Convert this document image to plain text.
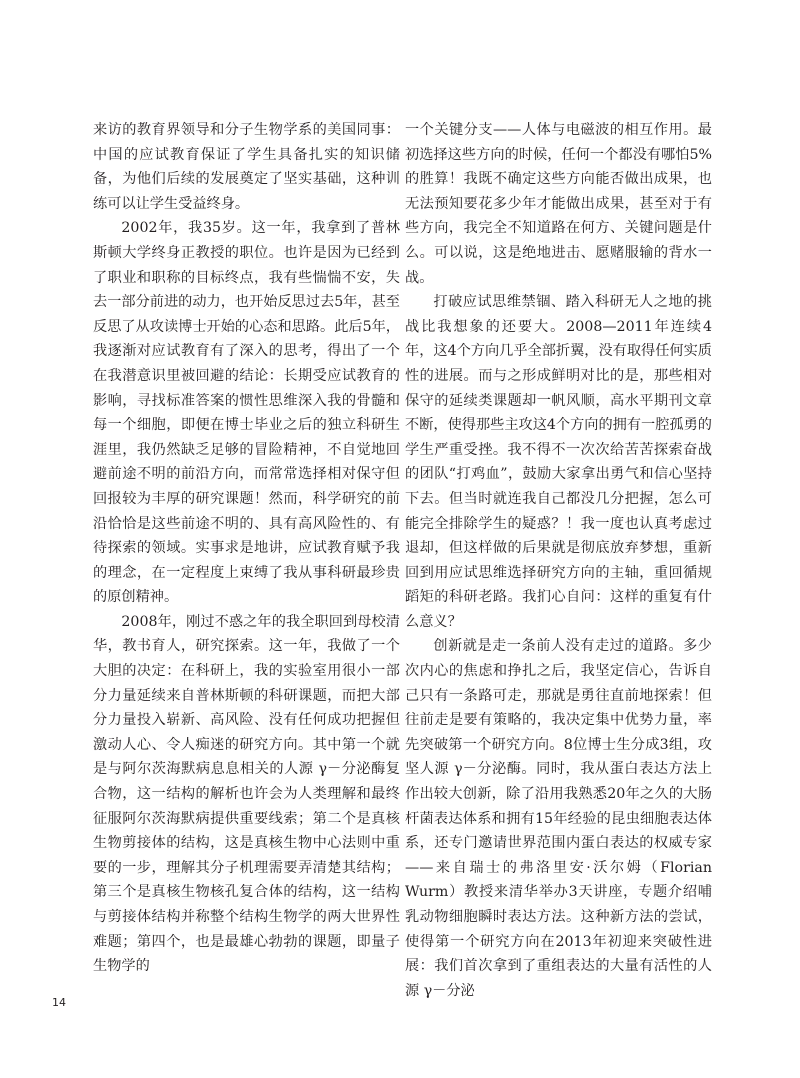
来访的教育界领导和分子生物学系的美国同事：中国的应试教育保证了学生具备扎实的知识储备，为他们后续的发展奠定了坚实基础，这种训练可以让学生受益终身。

2002年，我35岁。这一年，我拿到了普林斯顿大学终身正教授的职位。也许是因为已经到了职业和职称的目标终点，我有些惴惴不安，失去一部分前进的动力，也开始反思过去5年，甚至反思了从攻读博士开始的心态和思路。此后5年，我逐渐对应试教育有了深入的思考，得出了一个在我潜意识里被回避的结论：长期受应试教育的影响，寻找标准答案的惯性思维深入我的骨髓和每一个细胞，即便在博士毕业之后的独立科研生涯里，我仍然缺乏足够的冒险精神，不自觉地回避前途不明的前沿方向，而常常选择相对保守但回报较为丰厚的研究课题！然而，科学研究的前沿恰恰是这些前途不明的、具有高风险性的、有待探索的领域。实事求是地讲，应试教育赋予我的理念，在一定程度上束缚了我从事科研最珍贵的原创精神。

2008年，刚过不惑之年的我全职回到母校清华，教书育人，研究探索。这一年，我做了一个大胆的决定：在科研上，我的实验室用很小一部分力量延续来自普林斯顿的科研课题，而把大部分力量投入崭新、高风险、没有任何成功把握但激动人心、令人痴迷的研究方向。其中第一个就是与阿尔茨海默病息息相关的人源 γ－分泌酶复合物，这一结构的解析也许会为人类理解和最终征服阿尔茨海默病提供重要线索；第二个是真核生物剪接体的结构，这是真核生物中心法则中重要的一步，理解其分子机理需要弄清楚其结构；第三个是真核生物核孔复合体的结构，这一结构与剪接体结构并称整个结构生物学的两大世界性难题；第四个，也是最雄心勃勃的课题，即量子生物学的

一个关键分支——人体与电磁波的相互作用。最初选择这些方向的时候，任何一个都没有哪怕5%的胜算！我既不确定这些方向能否做出成果，也无法预知要花多少年才能做出成果，甚至对于有些方向，我完全不知道路在何方、关键问题是什么。可以说，这是绝地进击、愿赌服输的背水一战。

打破应试思维禁锢、踏入科研无人之地的挑战比我想象的还要大。2008—2011年连续4年，这4个方向几乎全部折翼，没有取得任何实质性的进展。而与之形成鲜明对比的是，那些相对保守的延续类课题却一帆风顺，高水平期刊文章不断，使得那些主攻这4个方向的拥有一腔孤勇的学生严重受挫。我不得不一次次给苦苦探索奋战的团队“打鸡血”，鼓励大家拿出勇气和信心坚持下去。但当时就连我自己都没几分把握，怎么可能完全排除学生的疑惑？！我一度也认真考虑过退却，但这样做的后果就是彻底放弃梦想，重新回到用应试思维选择研究方向的主轴，重回循规蹈矩的科研老路。我扪心自问：这样的重复有什么意义？

创新就是走一条前人没有走过的道路。多少次内心的焦虑和挣扎之后，我坚定信心，告诉自己只有一条路可走，那就是勇往直前地探索！但往前走是要有策略的，我决定集中优势力量，率先突破第一个研究方向。8位博士生分成3组，攻坚人源 γ－分泌酶。同时，我从蛋白表达方法上作出较大创新，除了沿用我熟悉20年之久的大肠杆菌表达体系和拥有15年经验的昆虫细胞表达体系，还专门邀请世界范围内蛋白表达的权威专家——来自瑞士的弗洛里安·沃尔姆（Florian Wurm）教授来清华举办3天讲座，专题介绍哺乳动物细胞瞬时表达方法。这种新方法的尝试，使得第一个研究方向在2013年初迎来突破性进展：我们首次拿到了重组表达的大量有活性的人源 γ－分泌

14
